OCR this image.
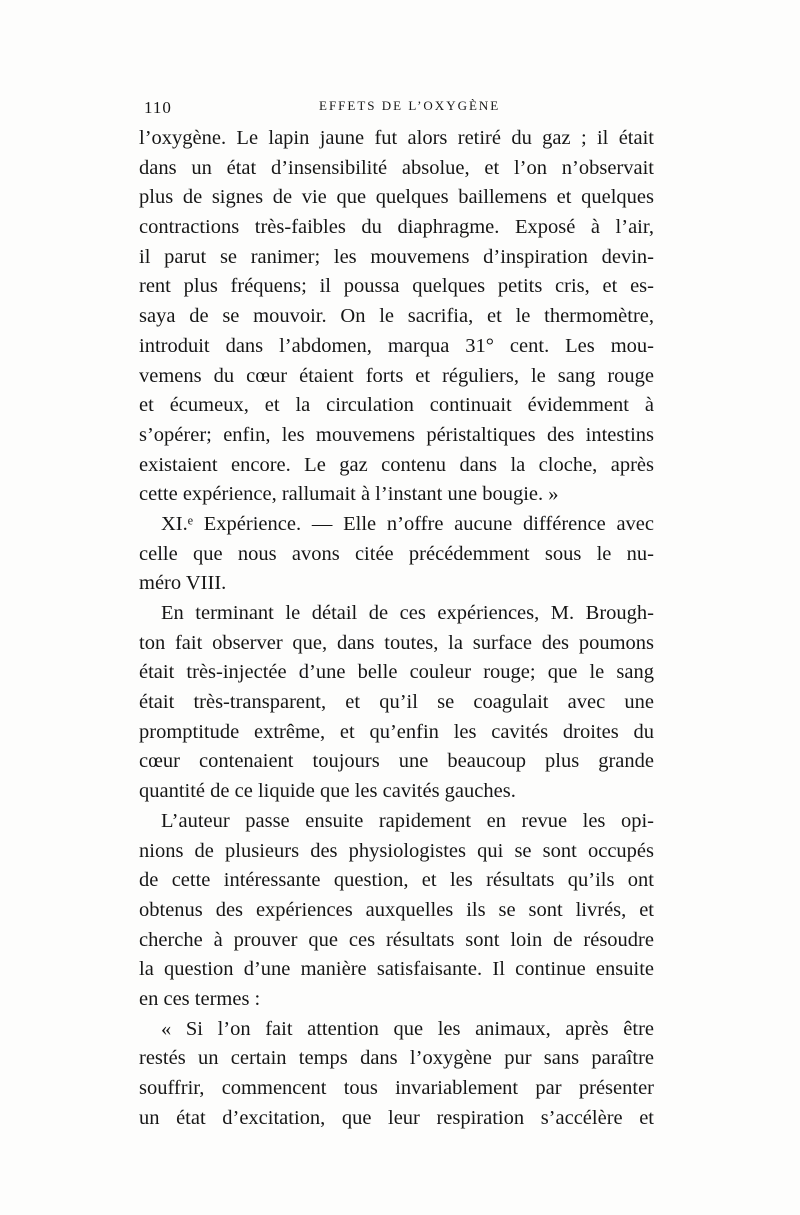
110	EFFETS DE L’OXYGÈNE
l’oxygène. Le lapin jaune fut alors retiré du gaz ; il était
dans un état d’insensibilité absolue, et l’on n’observait
plus de signes de vie que quelques baillemens et quelques
contractions très-faibles du diaphragme. Exposé à l’air,
il parut se ranimer; les mouvemens d’inspiration devin-
rent plus fréquens; il poussa quelques petits cris, et es-
saya de se mouvoir. On le sacrifia, et le thermomètre,
introduit dans l’abdomen, marqua 31° cent. Les mou-
vemens du cœur étaient forts et réguliers, le sang rouge
et écumeux, et la circulation continuait évidemment à
s’opérer; enfin, les mouvemens péristaltiques des intestins
existaient encore. Le gaz contenu dans la cloche, après
cette expérience, rallumait à l’instant une bougie. »
XI.ᵉ Expérience. — Elle n’offre aucune différence avec
celle que nous avons citée précédemment sous le nu-
méro VIII.
En terminant le détail de ces expériences, M. Brough-
ton fait observer que, dans toutes, la surface des poumons
était très-injectée d’une belle couleur rouge; que le sang
était très-transparent, et qu’il se coagulait avec une
promptitude extrême, et qu’enfin les cavités droites du
cœur contenaient toujours une beaucoup plus grande
quantité de ce liquide que les cavités gauches.
L’auteur passe ensuite rapidement en revue les opi-
nions de plusieurs des physiologistes qui se sont occupés
de cette intéressante question, et les résultats qu’ils ont
obtenus des expériences auxquelles ils se sont livrés, et
cherche à prouver que ces résultats sont loin de résoudre
la question d’une manière satisfaisante. Il continue ensuite
en ces termes :
« Si l’on fait attention que les animaux, après être
restés un certain temps dans l’oxygène pur sans paraître
souffrir, commencent tous invariablement par présenter
un état d’excitation, que leur respiration s’accélère et
